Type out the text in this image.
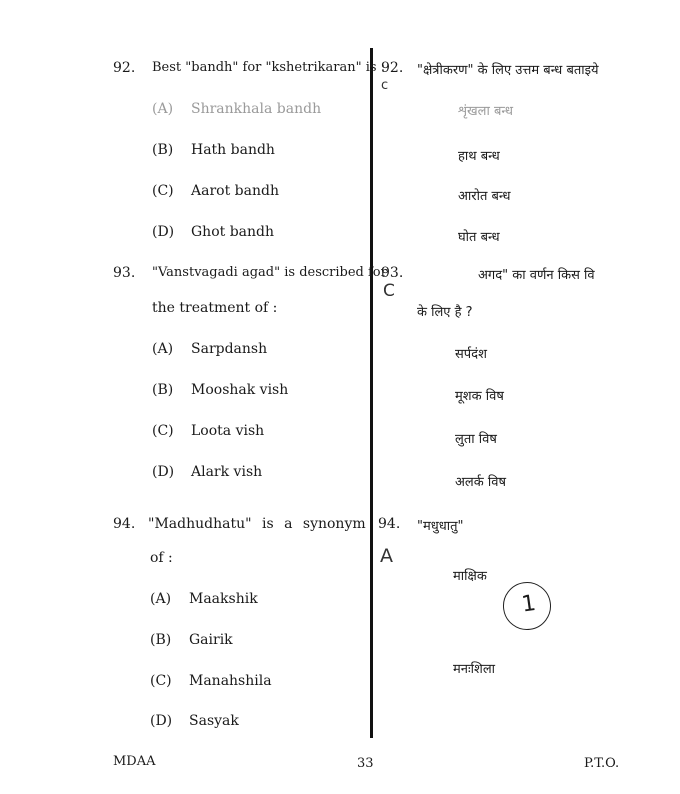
92. Best "bandh" for "kshetrikaran" is :
(A) Shrankhala bandh
(B) Hath bandh
(C) Aarot bandh
(D) Ghot bandh
92. "क्षेत्रीकरण" के लिए उत्तम बन्ध बताइये
c
शृंखला बन्ध
हाथ बन्ध
आरोत बन्ध
घोत बन्ध
93. "Vanstvagadi agad" is described for
the treatment of :
(A) Sarpdansh
(B) Mooshak vish
(C) Loota vish
(D) Alark vish
93.	अगद" का वर्णन किस वि
C
के लिए है ?
सर्पदंश
मूशक विष
लुता विष
अलर्क विष
94. "Madhudhatu" is a synonym
of :
(A) Maakshik
(B) Gairik
(C) Manahshila
(D) Sasyak
94. "मधुधातु"
A
माक्षिक
मनःशिला
1
MDAA	33	P.T.O.
